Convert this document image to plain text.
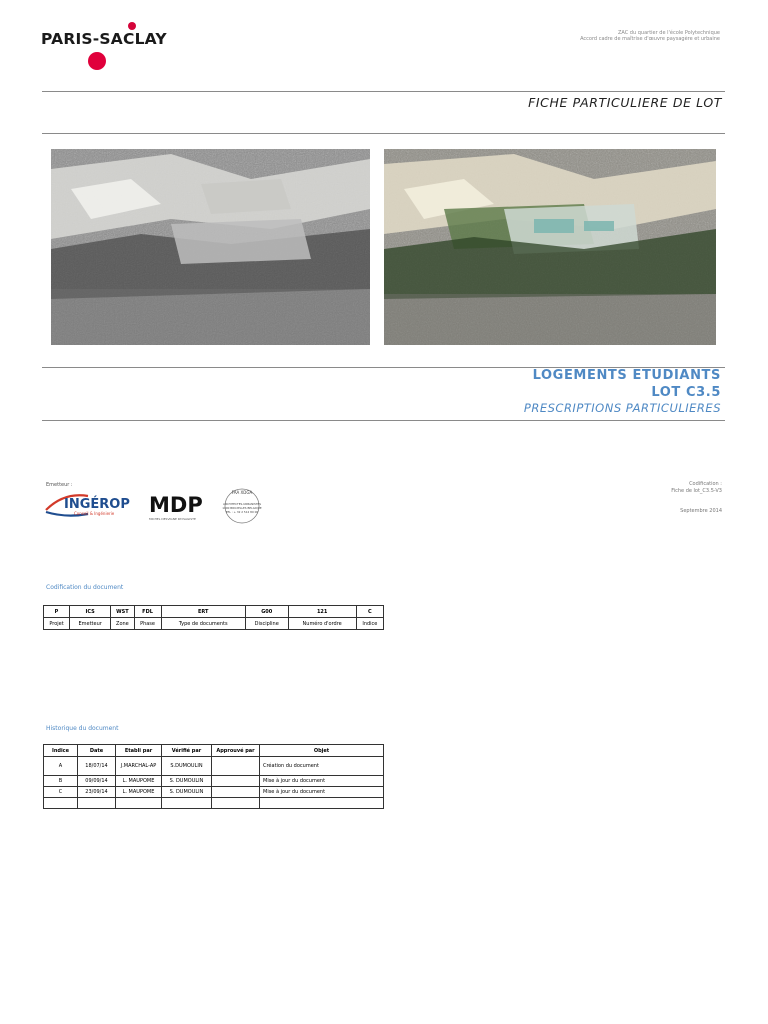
PARIS-SACLAY	ZAC du quartier de l'école Polytechnique
Accord cadre de maîtrise d'œuvre paysagère et urbaine
FICHE PARTICULIERE DE LOT
LOGEMENTS ETUDIANTS
LOT C3.5
PRESCRIPTIONS PARTICULIERES
Emetteur :
INGÉROP
Conseil & Ingénierie MDP
MICHEL DESVIGNE PAYSAGISTE
FAA XDGA
ARCHITECTES-URBANISTES
1000 BRUXELLES BELGIQUE
TEL : + 32 2 512 80 00
Codification :
Fiche de lot_C3.5-V3
Septembre 2014
Codification du document
P	ICS	WST	FDL	ERT	G00	121	C
Projet	Emetteur	Zone	Phase	Type de documents	Discipline	Numéro d'ordre	Indice
Historique du document
Indice	Date	Etabli par	Vérifié par	Approuvé par	Objet
A	18/07/14	J.MARCHAL-AP	S.DUMOULIN		Création du document
B	09/09/14	L. MAUPOME	S. DUMOULIN		Mise à jour du document
C	23/09/14	L. MAUPOME	S. DUMOULIN		Mise à jour du document
